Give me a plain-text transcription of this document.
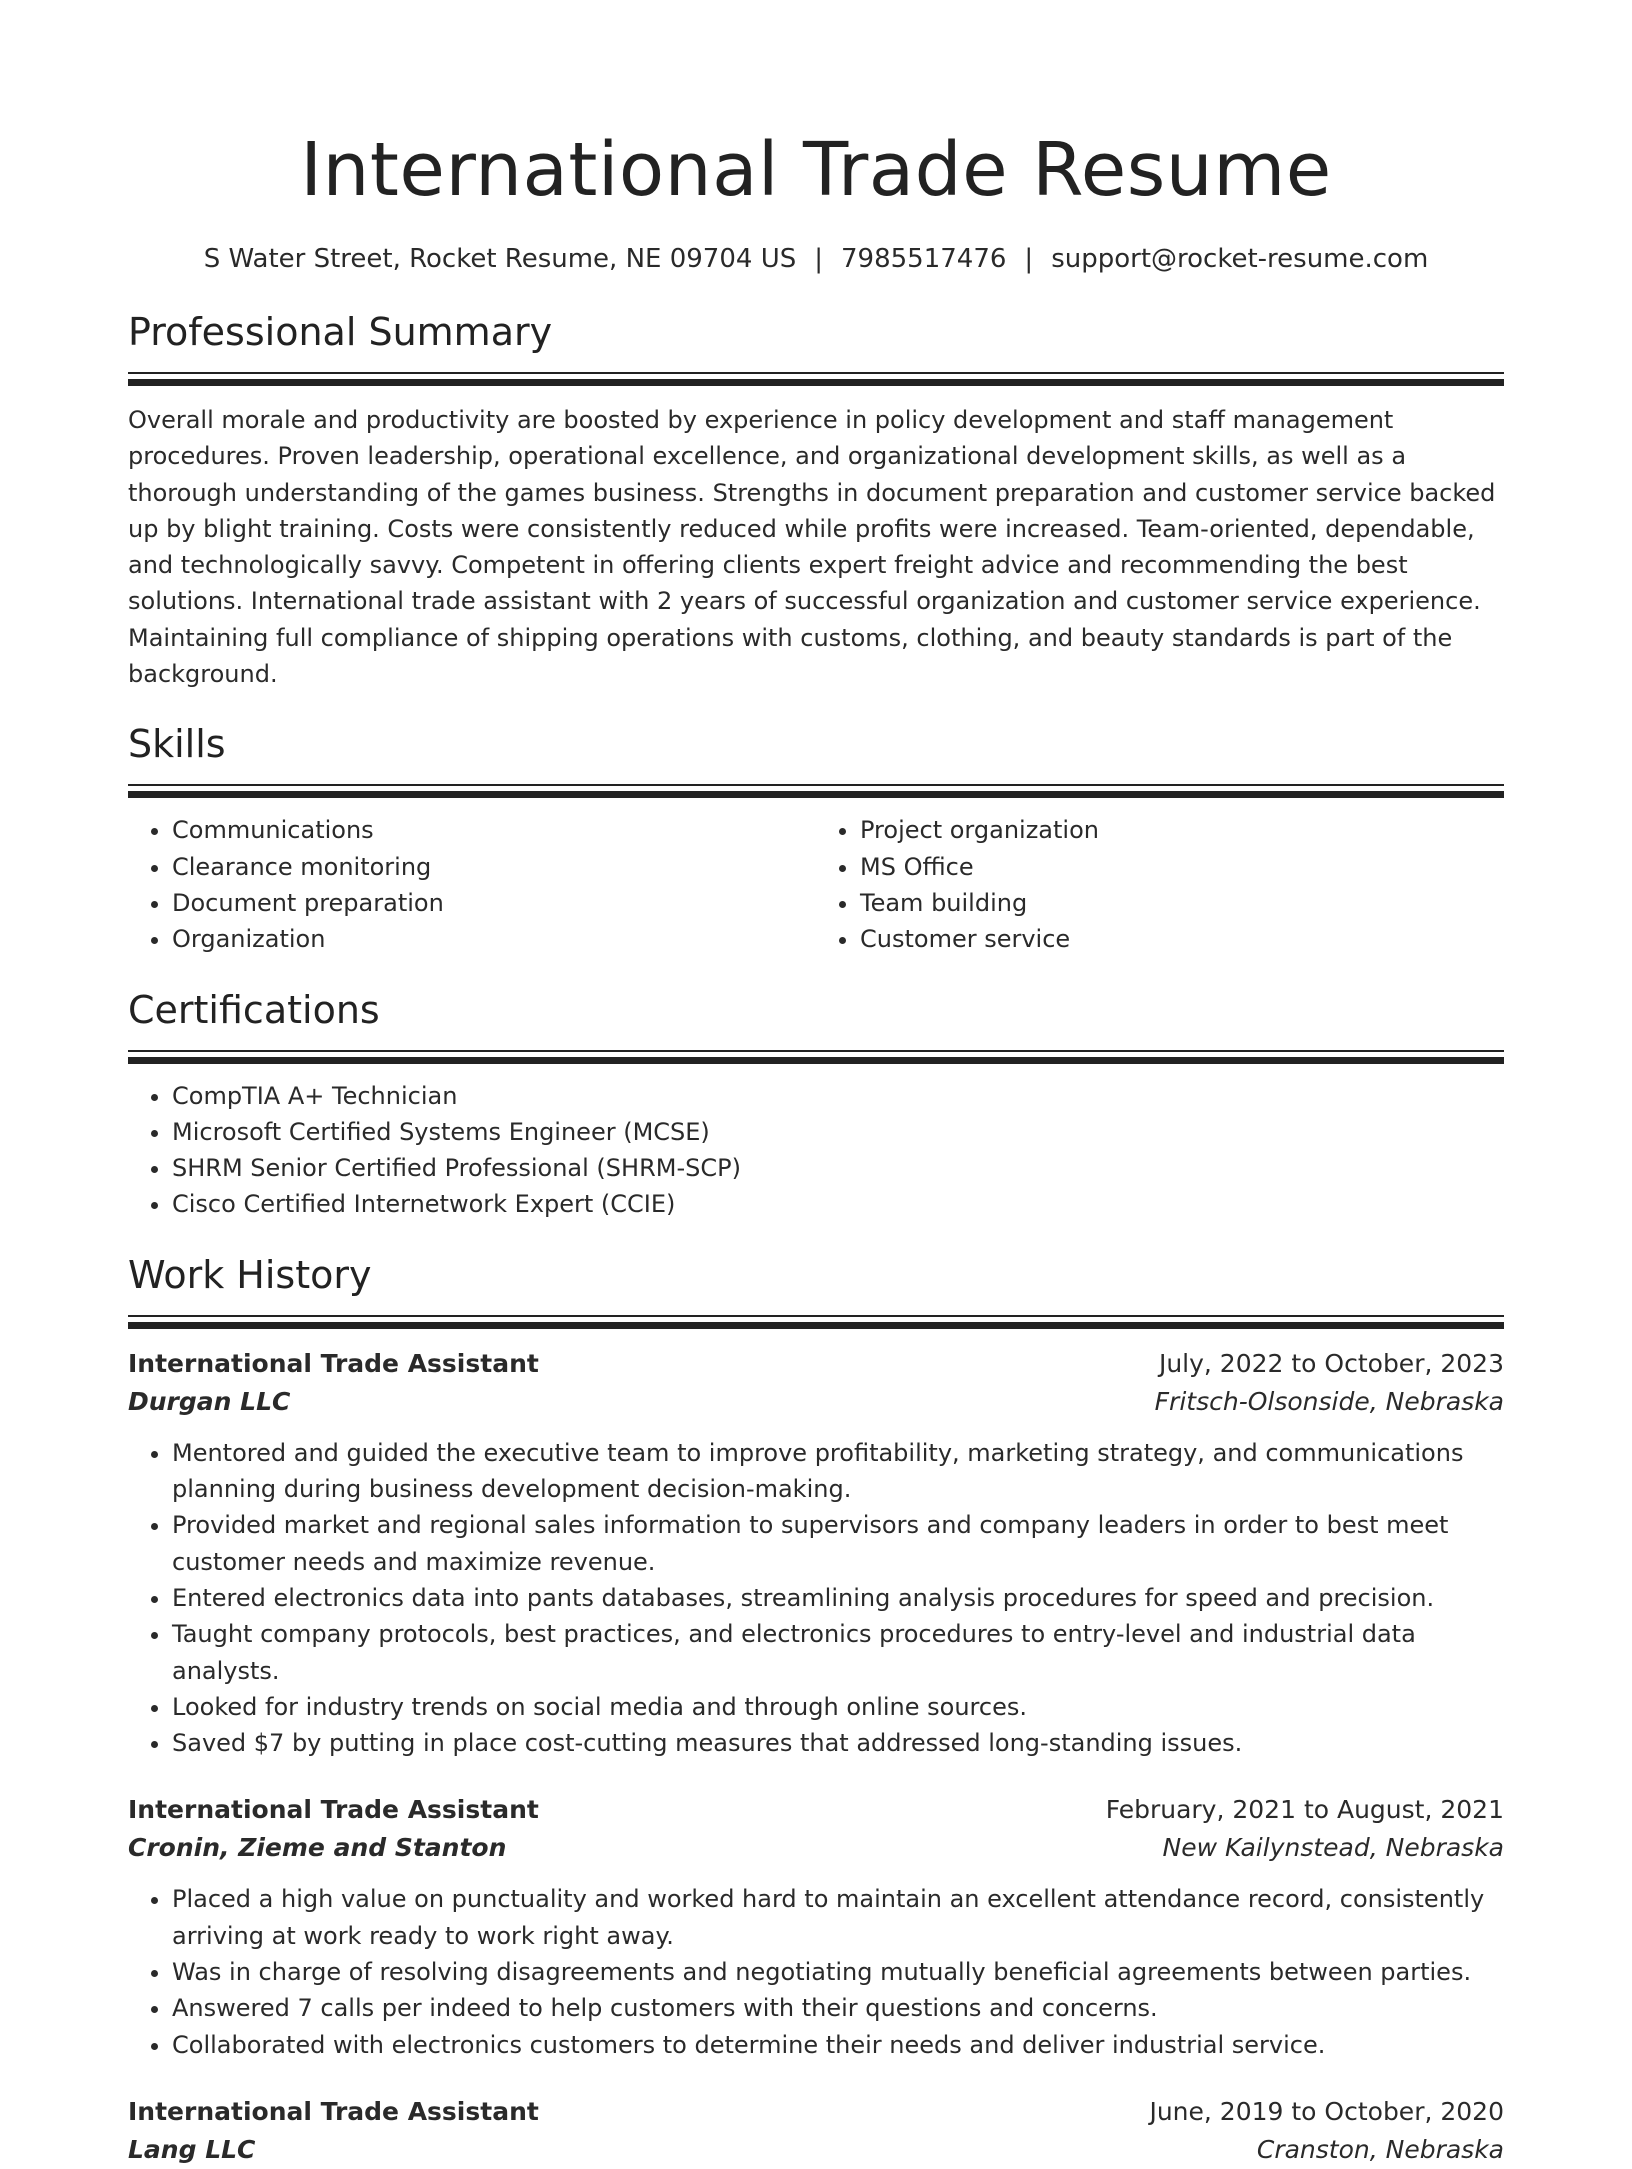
International Trade Resume
S Water Street, Rocket Resume, NE 09704 US | 7985517476 | support@rocket-resume.com
Professional Summary

Overall morale and productivity are boosted by experience in policy development and staff management procedures. Proven leadership, operational excellence, and organizational development skills, as well as a thorough understanding of the games business. Strengths in document preparation and customer service backed up by blight training. Costs were consistently reduced while profits were increased. Team-oriented, dependable, and technologically savvy. Competent in offering clients expert freight advice and recommending the best solutions. International trade assistant with 2 years of successful organization and customer service experience. Maintaining full compliance of shipping operations with customs, clothing, and beauty standards is part of the background.

Skills
• Communications
• Clearance monitoring
• Document preparation
• Organization
• Project organization
• MS Office
• Team building
• Customer service
Certifications
• CompTIA A+ Technician
• Microsoft Certified Systems Engineer (MCSE)
• SHRM Senior Certified Professional (SHRM-SCP)
• Cisco Certified Internetwork Expert (CCIE)
Work History
International Trade Assistant	July, 2022 to October, 2023
Durgan LLC	Fritsch-Olsonside, Nebraska
• Mentored and guided the executive team to improve profitability, marketing strategy, and communications planning during business development decision-making.
• Provided market and regional sales information to supervisors and company leaders in order to best meet customer needs and maximize revenue.
• Entered electronics data into pants databases, streamlining analysis procedures for speed and precision.
• Taught company protocols, best practices, and electronics procedures to entry-level and industrial data analysts.
• Looked for industry trends on social media and through online sources.
• Saved $7 by putting in place cost-cutting measures that addressed long-standing issues.
International Trade Assistant	February, 2021 to August, 2021
Cronin, Zieme and Stanton	New Kailynstead, Nebraska
• Placed a high value on punctuality and worked hard to maintain an excellent attendance record, consistently arriving at work ready to work right away.
• Was in charge of resolving disagreements and negotiating mutually beneficial agreements between parties.
• Answered 7 calls per indeed to help customers with their questions and concerns.
• Collaborated with electronics customers to determine their needs and deliver industrial service.
International Trade Assistant	June, 2019 to October, 2020
Lang LLC	Cranston, Nebraska
